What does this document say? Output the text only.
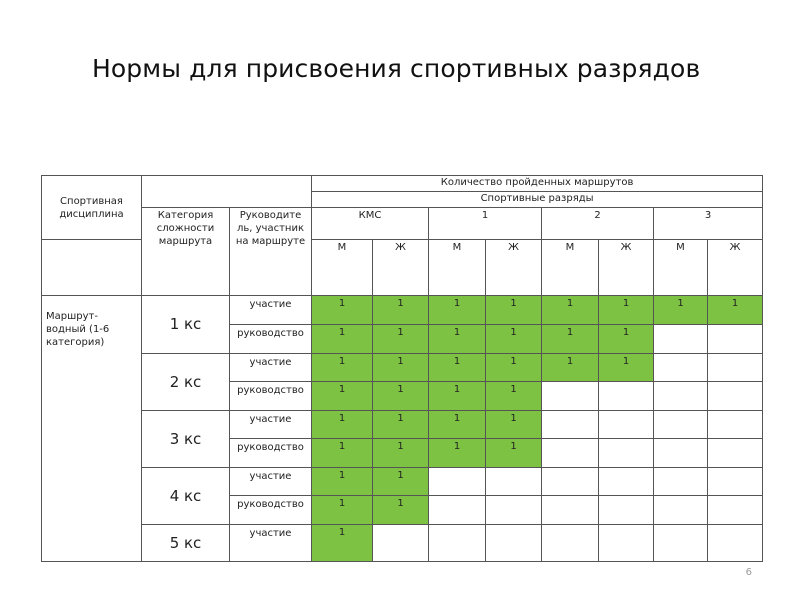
Нормы для присвоения спортивных разрядов
Спортивная дисциплина			Количество пройденных маршрутов							
			Спортивные разряды							
	Категория сложности маршрута	Руководите ль, участник на маршруте	КМС		1		2		3	
			М	Ж	М	Ж	М	Ж	М	Ж

Маршрут-водный (1-6 категория)	1 кс	участие	1	1	1	1	1	1	1	1
		руководство	1	1	1	1	1	1		
	2 кс	участие	1	1	1	1	1	1		
		руководство	1	1	1	1				
	3 кс	участие	1	1	1	1				
		руководство	1	1	1	1				
	4 кс	участие	1	1						
		руководство	1	1						
	5 кс	участие	1							
6
